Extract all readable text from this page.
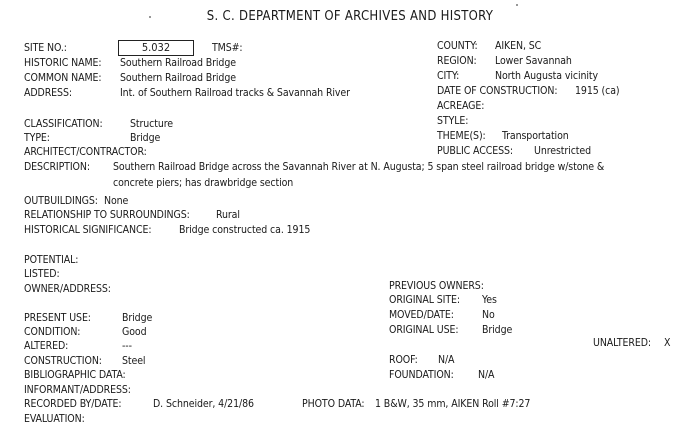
S. C. DEPARTMENT OF ARCHIVES AND HISTORY
SITE NO.:	5.032	TMS#:
HISTORIC NAME: Southern Railroad Bridge
COMMON NAME: Southern Railroad Bridge
ADDRESS:	Int. of Southern Railroad tracks & Savannah River
COUNTY: AIKEN, SC
REGION: Lower Savannah
CITY:	North Augusta vicinity
DATE OF CONSTRUCTION: 1915 (ca)
ACREAGE:
STYLE:
THEME(S): Transportation
PUBLIC ACCESS: Unrestricted
CLASSIFICATION:	Structure
TYPE:	Bridge
ARCHITECT/CONTRACTOR:
DESCRIPTION: Southern Railroad Bridge across the Savannah River at N. Augusta; 5 span steel railroad bridge w/stone &
concrete piers; has drawbridge section
OUTBUILDINGS: None
RELATIONSHIP TO SURROUNDINGS:	Rural
HISTORICAL SIGNIFICANCE:	Bridge constructed ca. 1915
POTENTIAL:
LISTED:
OWNER/ADDRESS:	PREVIOUS OWNERS:
ORIGINAL SITE: Yes
MOVED/DATE:	No
ORIGINAL USE: Bridge
UNALTERED: X
PRESENT USE:	Bridge
CONDITION:	Good
ALTERED:	---
CONSTRUCTION: Steel	ROOF: N/A
FOUNDATION: N/A
BIBLIOGRAPHIC DATA:
INFORMANT/ADDRESS:
RECORDED BY/DATE:	D. Schneider, 4/21/86	PHOTO DATA: 1 B&W, 35 mm, AIKEN Roll #7:27
EVALUATION:
